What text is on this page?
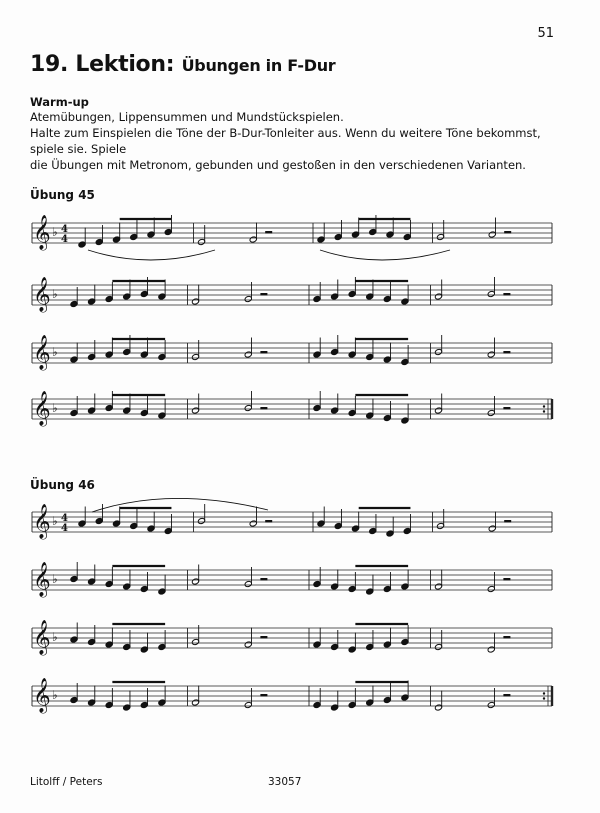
51
19. Lektion: Übungen in F-Dur
Warm-up
Atemübungen, Lippensummen und Mundstückspielen.
Halte zum Einspielen die Töne der B-Dur-Tonleiter aus. Wenn du weitere Töne bekommst, spiele sie. Spiele
die Übungen mit Metronom, gebunden und gestoßen in den verschiedenen Varianten.
Übung 45
Übung 46
𝄞 ♭ 4
4
𝄞 ♭
𝄞 ♭
𝄞 ♭
𝄞 ♭ 4
4
𝄞 ♭
𝄞 ♭
𝄞 ♭
Litolff / Peters	33057
